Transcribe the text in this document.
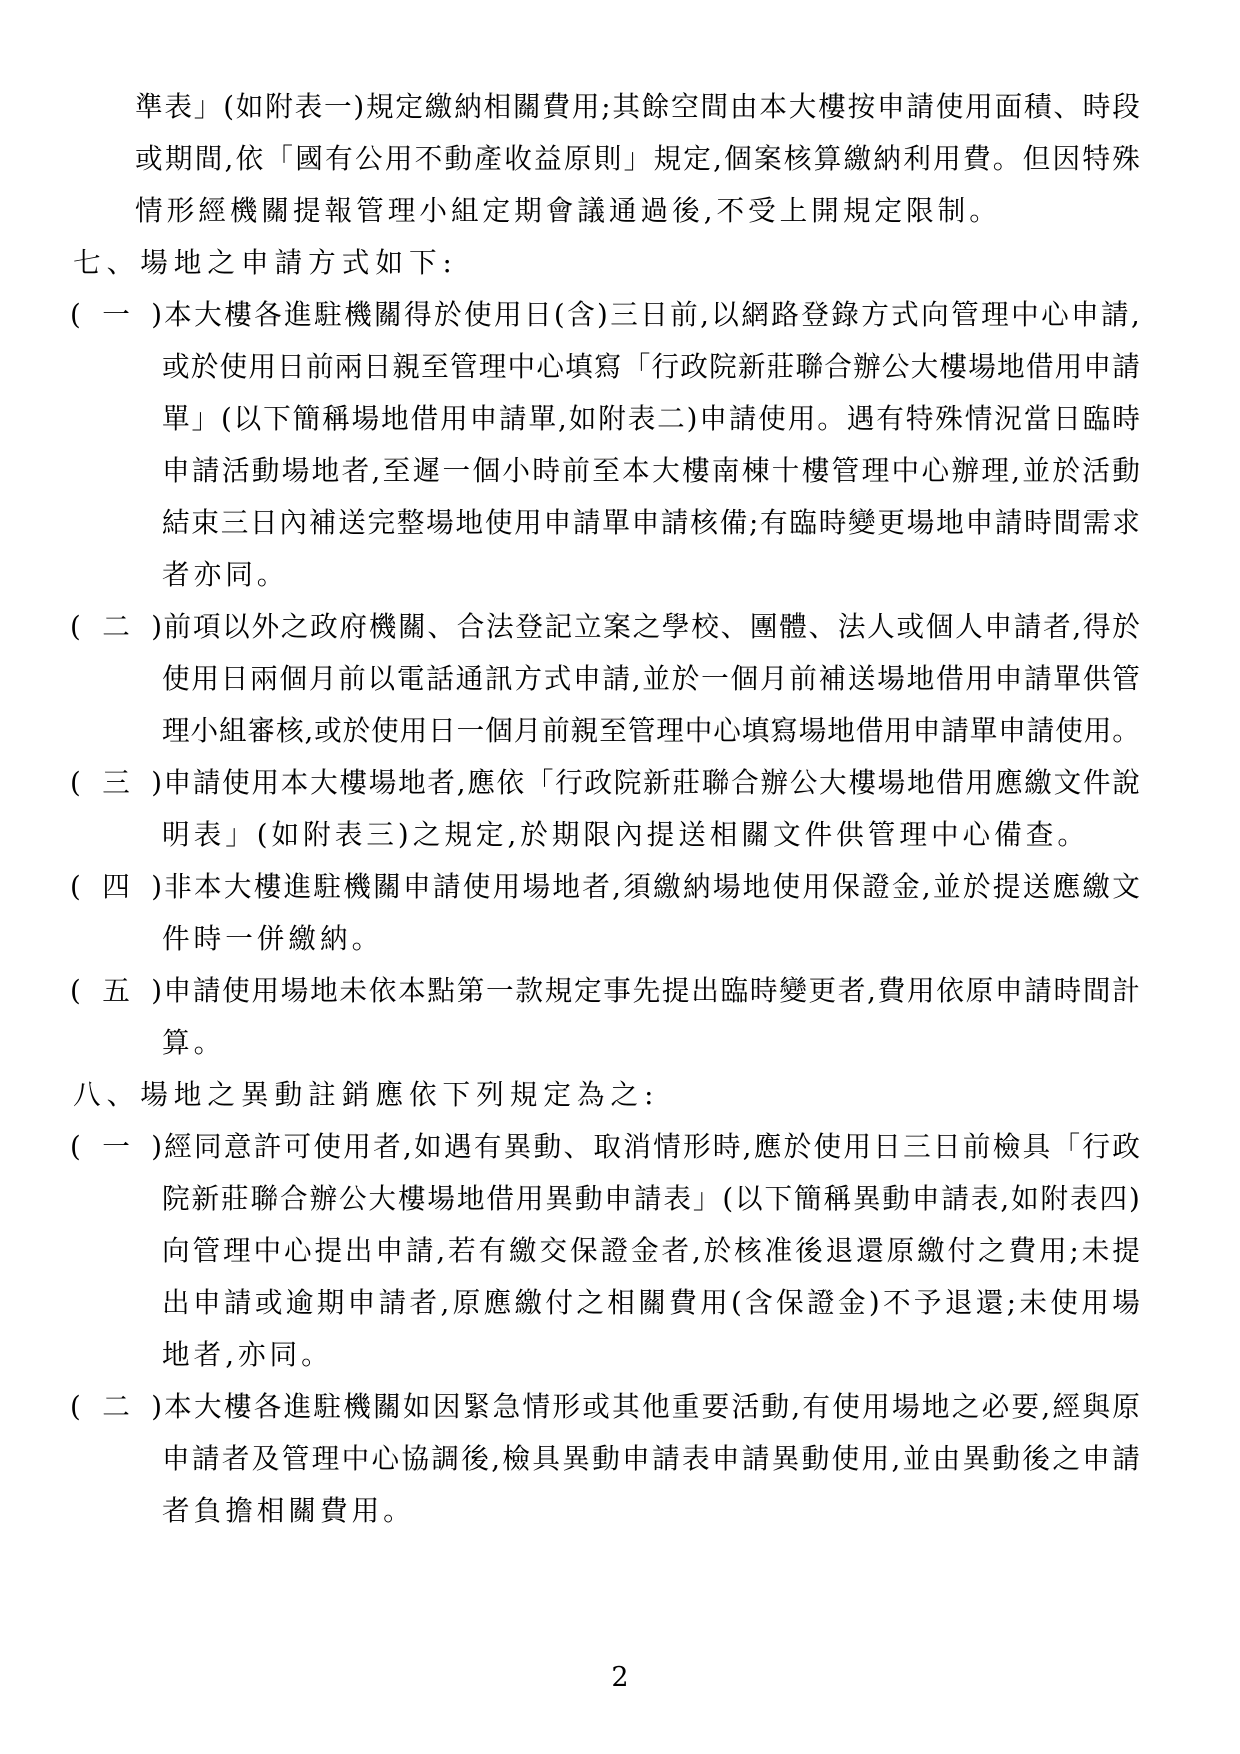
準表」(如附表一)規定繳納相關費用;其餘空間由本大樓按申請使用面積、時段
或期間,依「國有公用不動產收益原則」規定,個案核算繳納利用費。但因特殊
情形經機關提報管理小組定期會議通過後,不受上開規定限制。
七、場地之申請方式如下:
(一)本大樓各進駐機關得於使用日(含)三日前,以網路登錄方式向管理中心申請,
或於使用日前兩日親至管理中心填寫「行政院新莊聯合辦公大樓場地借用申請
單」(以下簡稱場地借用申請單,如附表二)申請使用。遇有特殊情況當日臨時
申請活動場地者,至遲一個小時前至本大樓南棟十樓管理中心辦理,並於活動
結束三日內補送完整場地使用申請單申請核備;有臨時變更場地申請時間需求
者亦同。
(二)前項以外之政府機關、合法登記立案之學校、團體、法人或個人申請者,得於
使用日兩個月前以電話通訊方式申請,並於一個月前補送場地借用申請單供管
理小組審核,或於使用日一個月前親至管理中心填寫場地借用申請單申請使用。
(三)申請使用本大樓場地者,應依「行政院新莊聯合辦公大樓場地借用應繳文件說
明表」(如附表三)之規定,於期限內提送相關文件供管理中心備查。
(四)非本大樓進駐機關申請使用場地者,須繳納場地使用保證金,並於提送應繳文
件時一併繳納。
(五)申請使用場地未依本點第一款規定事先提出臨時變更者,費用依原申請時間計
算。
八、場地之異動註銷應依下列規定為之:
(一)經同意許可使用者,如遇有異動、取消情形時,應於使用日三日前檢具「行政
院新莊聯合辦公大樓場地借用異動申請表」(以下簡稱異動申請表,如附表四)
向管理中心提出申請,若有繳交保證金者,於核准後退還原繳付之費用;未提
出申請或逾期申請者,原應繳付之相關費用(含保證金)不予退還;未使用場
地者,亦同。
(二)本大樓各進駐機關如因緊急情形或其他重要活動,有使用場地之必要,經與原
申請者及管理中心協調後,檢具異動申請表申請異動使用,並由異動後之申請
者負擔相關費用。
2
